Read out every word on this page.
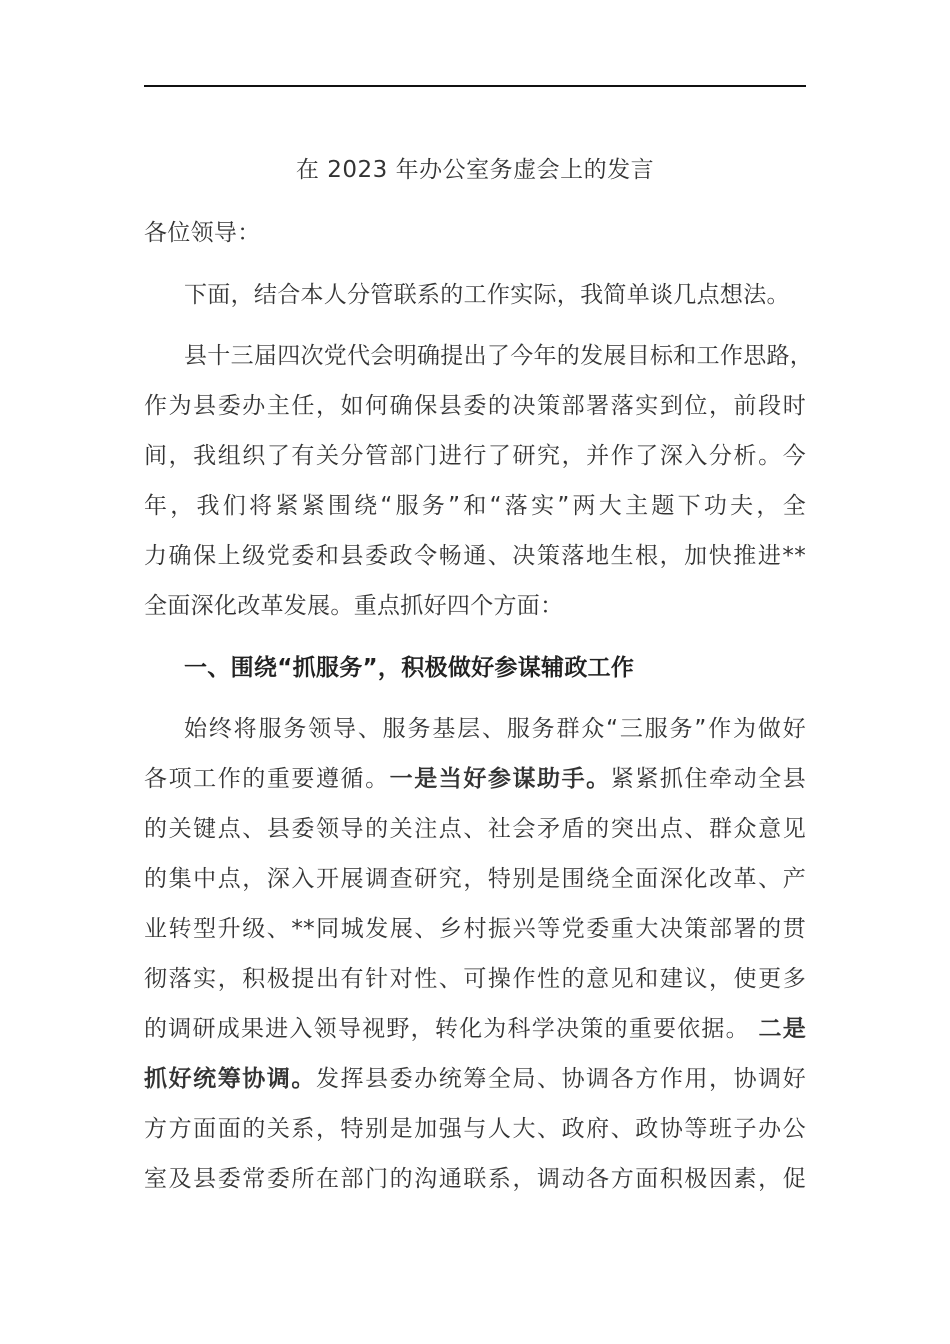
在 2023 年办公室务虚会上的发言
各位领导：
下面，结合本人分管联系的工作实际，我简单谈几点想法。
县十三届四次党代会明确提出了今年的发展目标和工作思路，
作为县委办主任，如何确保县委的决策部署落实到位，前段时
间，我组织了有关分管部门进行了研究，并作了深入分析。今
年，我们将紧紧围绕“服务”和“落实”两大主题下功夫，全
力确保上级党委和县委政令畅通、决策落地生根，加快推进**
全面深化改革发展。重点抓好四个方面：
一、围绕“抓服务”，积极做好参谋辅政工作
始终将服务领导、服务基层、服务群众“三服务”作为做好
各项工作的重要遵循。一是当好参谋助手。紧紧抓住牵动全县
的关键点、县委领导的关注点、社会矛盾的突出点、群众意见
的集中点，深入开展调查研究，特别是围绕全面深化改革、产
业转型升级、**同城发展、乡村振兴等党委重大决策部署的贯
彻落实，积极提出有针对性、可操作性的意见和建议，使更多
的调研成果进入领导视野，转化为科学决策的重要依据。 二是
抓好统筹协调。发挥县委办统筹全局、协调各方作用，协调好
方方面面的关系，特别是加强与人大、政府、政协等班子办公
室及县委常委所在部门的沟通联系，调动各方面积极因素，促
